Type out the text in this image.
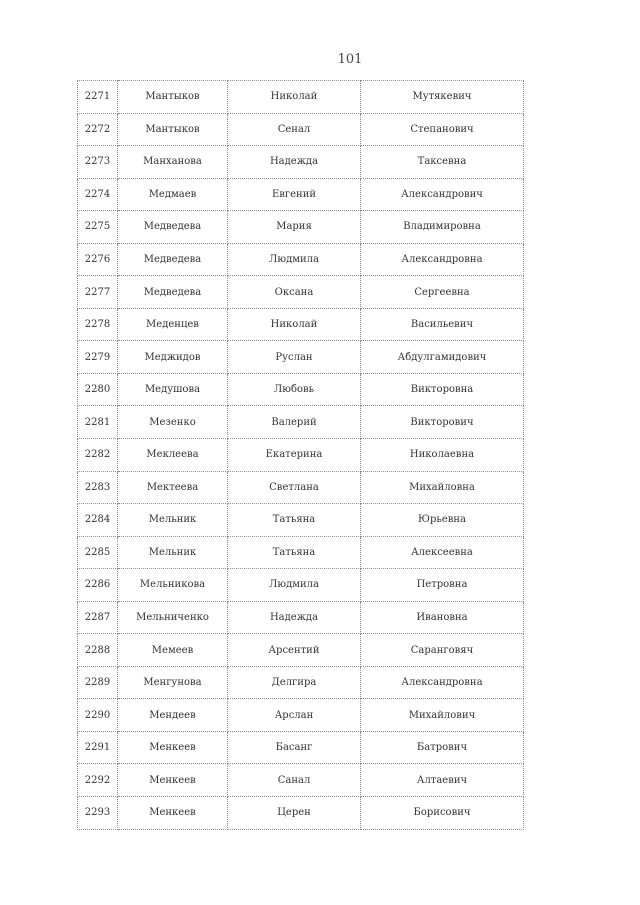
101
2271	Мантыков	Николай	Мутякевич
2272	Мантыков	Сенал	Степанович
2273	Манханова	Надежда	Таксевна
2274	Медмаев	Евгений	Александрович
2275	Медведева	Мария	Владимировна
2276	Медведева	Людмила	Александровна
2277	Медведева	Оксана	Сергеевна
2278	Меденцев	Николай	Васильевич
2279	Меджидов	Руслан	Абдулгамидович
2280	Медушова	Любовь	Викторовна
2281	Мезенко	Валерий	Викторович
2282	Меклеева	Екатерина	Николаевна
2283	Мектеева	Светлана	Михайловна
2284	Мельник	Татьяна	Юрьевна
2285	Мельник	Татьяна	Алексеевна
2286	Мельникова	Людмила	Петровна
2287	Мельниченко	Надежда	Ивановна
2288	Мемеев	Арсентий	Саранговяч
2289	Менгунова	Делгира	Александровна
2290	Мендеев	Арслан	Михайлович
2291	Менкеев	Басанг	Батрович
2292	Менкеев	Санал	Алтаевич
2293	Менкеев	Церен	Борисович
